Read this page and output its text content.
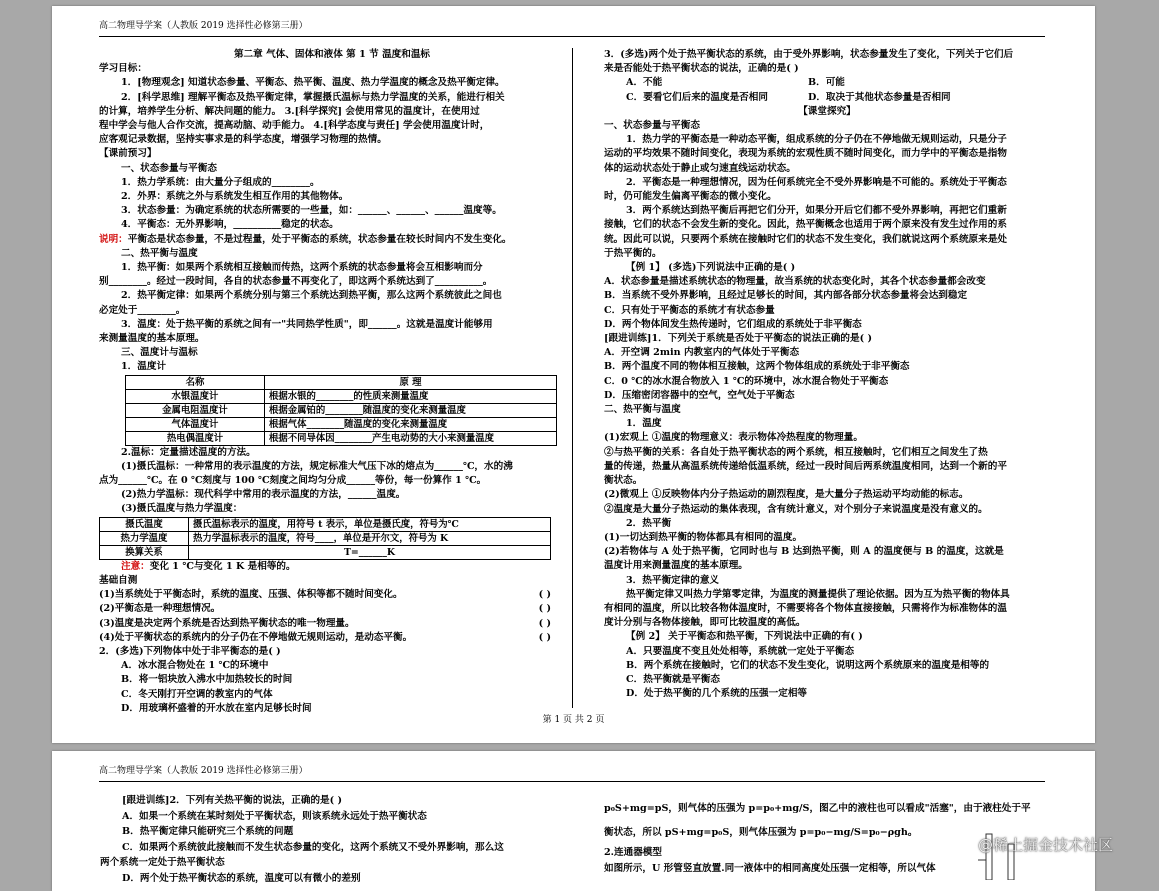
高二物理导学案（人教版 2019 选择性必修第三册）
第二章 气体、固体和液体 第 1 节 温度和温标
学习目标：
1．[物理观念] 知道状态参量、平衡态、热平衡、温度、热力学温度的概念及热平衡定律。
2．[科学思维] 理解平衡态及热平衡定律，掌握摄氏温标与热力学温度的关系，能进行相关
的计算，培养学生分析、解决问题的能力。 3.[科学探究] 会使用常见的温度计，在使用过
程中学会与他人合作交流，提高动脑、动手能力。 4.[科学态度与责任] 学会使用温度计时，
应客观记录数据，坚持实事求是的科学态度，增强学习物理的热情。
【课前预习】
一、状态参量与平衡态
1．热力学系统：由大量分子组成的________。
2．外界：系统之外与系统发生相互作用的其他物体。
3．状态参量：为确定系统的状态所需要的一些量，如：______、______、______温度等。
4．平衡态：无外界影响，__________稳定的状态。
说明：平衡态是状态参量，不是过程量，处于平衡态的系统，状态参量在较长时间内不发生变化。
二、热平衡与温度
1．热平衡：如果两个系统相互接触而传热，这两个系统的状态参量将会互相影响而分
别________。经过一段时间，各自的状态参量不再变化了，即这两个系统达到了__________。
2．热平衡定律：如果两个系统分别与第三个系统达到热平衡，那么这两个系统彼此之间也
必定处于________。
3．温度：处于热平衡的系统之间有一"共同热学性质"，即______。这就是温度计能够用
来测量温度的基本原理。
三、温度计与温标
1．温度计
名称	原 理
水银温度计	根据水银的________的性质来测量温度
金属电阻温度计	根据金属铂的________随温度的变化来测量温度
气体温度计	根据气体________随温度的变化来测量温度
热电偶温度计	根据不同导体因________产生电动势的大小来测量温度
2.温标：定量描述温度的方法。
(1)摄氏温标：一种常用的表示温度的方法，规定标准大气压下冰的熔点为______℃，水的沸
点为______℃。在 0 ℃刻度与 100 ℃刻度之间均匀分成______等份，每一份算作 1 ℃。
(2)热力学温标：现代科学中常用的表示温度的方法，______温度。
(3)摄氏温度与热力学温度：
摄氏温度	摄氏温标表示的温度，用符号 t 表示，单位是摄氏度，符号为℃
热力学温度	热力学温标表示的温度，符号____，单位是开尔文，符号为 K
换算关系	T=______K
注意：变化 1 ℃与变化 1 K 是相等的。
基础自测
(1)当系统处于平衡态时，系统的温度、压强、体积等都不随时间变化。	( )
(2)平衡态是一种理想情况。	( )
(3)温度是决定两个系统是否达到热平衡状态的唯一物理量。	( )
(4)处于平衡状态的系统内的分子仍在不停地做无规则运动，是动态平衡。	( )
2．(多选)下列物体中处于非平衡态的是( )
A．冰水混合物处在 1 ℃的环境中
B．将一铝块放入沸水中加热较长的时间
C．冬天刚打开空调的教室内的气体
D．用玻璃杯盛着的开水放在室内足够长时间
3．(多选)两个处于热平衡状态的系统，由于受外界影响，状态参量发生了变化，下列关于它们后
来是否能处于热平衡状态的说法，正确的是( )
A．不能	B．可能
C．要看它们后来的温度是否相同	D．取决于其他状态参量是否相同
【课堂探究】
一、状态参量与平衡态
1．热力学的平衡态是一种动态平衡，组成系统的分子仍在不停地做无规则运动，只是分子
运动的平均效果不随时间变化，表现为系统的宏观性质不随时间变化，而力学中的平衡态是指物
体的运动状态处于静止或匀速直线运动状态。
2．平衡态是一种理想情况，因为任何系统完全不受外界影响是不可能的。系统处于平衡态
时，仍可能发生偏离平衡态的微小变化。
3．两个系统达到热平衡后再把它们分开，如果分开后它们都不受外界影响，再把它们重新
接触，它们的状态不会发生新的变化。因此，热平衡概念也适用于两个原来没有发生过作用的系
统。因此可以说，只要两个系统在接触时它们的状态不发生变化，我们就说这两个系统原来是处
于热平衡的。
【例 1】 (多选)下列说法中正确的是( )
A．状态参量是描述系统状态的物理量，故当系统的状态变化时，其各个状态参量都会改变
B．当系统不受外界影响，且经过足够长的时间，其内部各部分状态参量将会达到稳定
C．只有处于平衡态的系统才有状态参量
D．两个物体间发生热传递时，它们组成的系统处于非平衡态
[跟进训练]1．下列关于系统是否处于平衡态的说法正确的是( )
A．开空调 2min 内教室内的气体处于平衡态
B．两个温度不同的物体相互接触，这两个物体组成的系统处于非平衡态
C．0 ℃的冰水混合物放入 1 ℃的环境中，冰水混合物处于平衡态
D．压缩密闭容器中的空气，空气处于平衡态
二、热平衡与温度
1．温度
(1)宏观上 ①温度的物理意义：表示物体冷热程度的物理量。
②与热平衡的关系：各自处于热平衡状态的两个系统，相互接触时，它们相互之间发生了热
量的传递，热量从高温系统传递给低温系统，经过一段时间后两系统温度相同，达到一个新的平
衡状态。
(2)微观上 ①反映物体内分子热运动的剧烈程度，是大量分子热运动平均动能的标志。
②温度是大量分子热运动的集体表现，含有统计意义，对个别分子来说温度是没有意义的。
2．热平衡
(1)一切达到热平衡的物体都具有相同的温度。
(2)若物体与 A 处于热平衡，它同时也与 B 达到热平衡，则 A 的温度便与 B 的温度，这就是
温度计用来测量温度的基本原理。
3．热平衡定律的意义
热平衡定律又叫热力学第零定律，为温度的测量提供了理论依据。因为互为热平衡的物体具
有相同的温度，所以比较各物体温度时，不需要将各个物体直接接触，只需将作为标准物体的温
度计分别与各物体接触，即可比较温度的高低。
【例 2】 关于平衡态和热平衡，下列说法中正确的有( )
A．只要温度不变且处处相等，系统就一定处于平衡态
B．两个系统在接触时，它们的状态不发生变化，说明这两个系统原来的温度是相等的
C．热平衡就是平衡态
D．处于热平衡的几个系统的压强一定相等
第 1 页 共 2 页
高二物理导学案（人教版 2019 选择性必修第三册）
[跟进训练]2．下列有关热平衡的说法，正确的是( )
A．如果一个系统在某时刻处于平衡状态，则该系统永远处于热平衡状态
B．热平衡定律只能研究三个系统的问题
C．如果两个系统彼此接触而不发生状态参量的变化，这两个系统又不受外界影响，那么这
两个系统一定处于热平衡状态
D．两个处于热平衡状态的系统，温度可以有微小的差别
p₀S+mg=pS，则气体的压强为 p=p₀+mg/S，图乙中的液柱也可以看成"活塞"，由于液柱处于平
衡状态，所以 pS+mg=p₀S，则气体压强为 p=p₀−mg/S=p₀−ρgh。
2.连通器模型
如图所示，U 形管竖直放置.同一液体中的相同高度处压强一定相等，所以气体
@稀土掘金技术社区
